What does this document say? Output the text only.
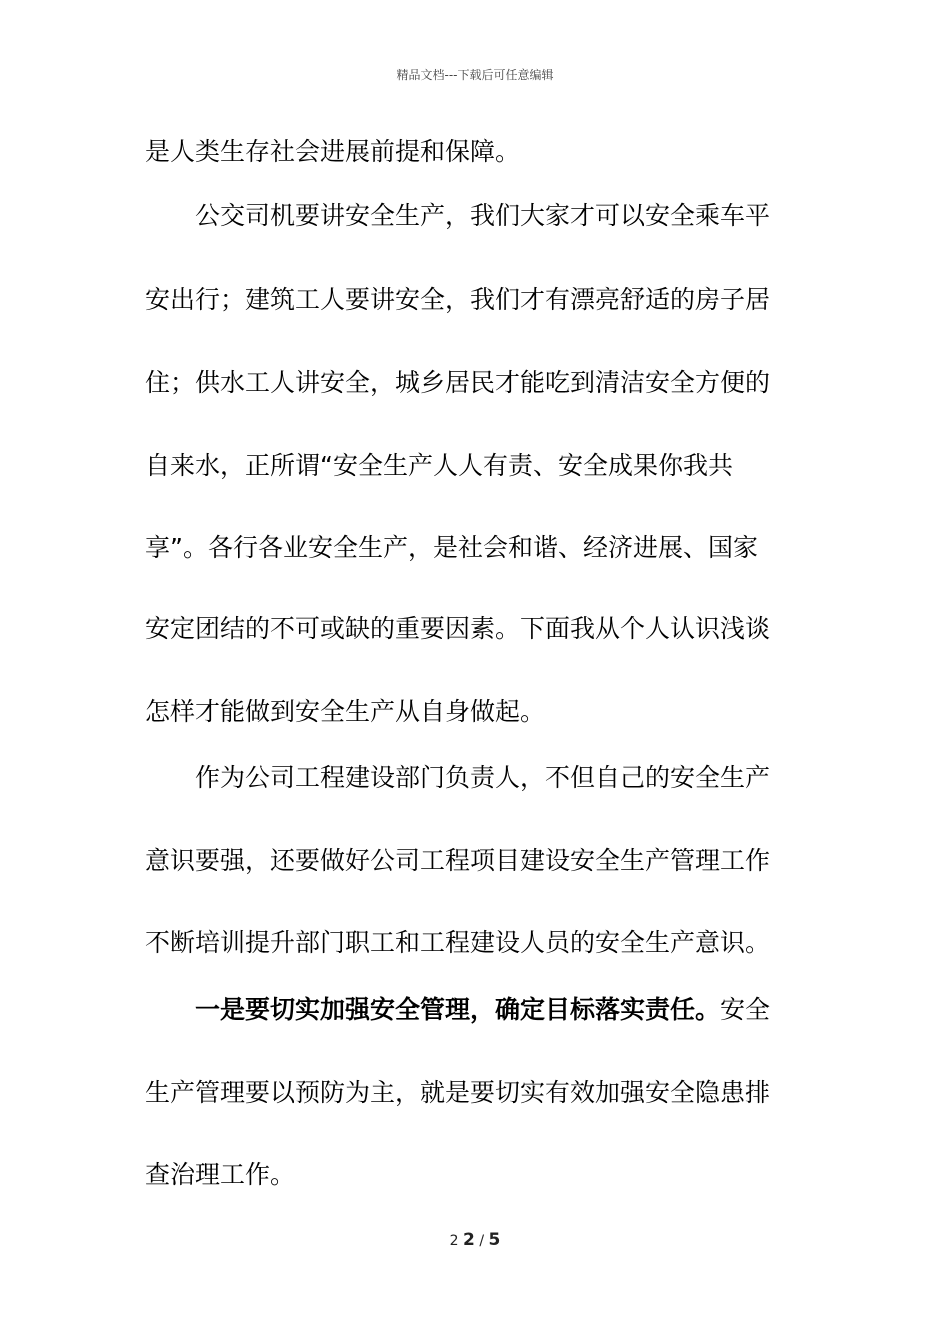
精品文档---下载后可任意编辑
是人类生存社会进展前提和保障。
公交司机要讲安全生产，我们大家才可以安全乘车平
安出行；建筑工人要讲安全，我们才有漂亮舒适的房子居
住；供水工人讲安全，城乡居民才能吃到清洁安全方便的
自来水，正所谓“安全生产人人有责、安全成果你我共
享”。各行各业安全生产，是社会和谐、经济进展、国家
安定团结的不可或缺的重要因素。下面我从个人认识浅谈
怎样才能做到安全生产从自身做起。
作为公司工程建设部门负责人，不但自己的安全生产
意识要强，还要做好公司工程项目建设安全生产管理工作
不断培训提升部门职工和工程建设人员的安全生产意识。
一是要切实加强安全管理，确定目标落实责任。安全
生产管理要以预防为主，就是要切实有效加强安全隐患排
查治理工作。
2 2 / 5
